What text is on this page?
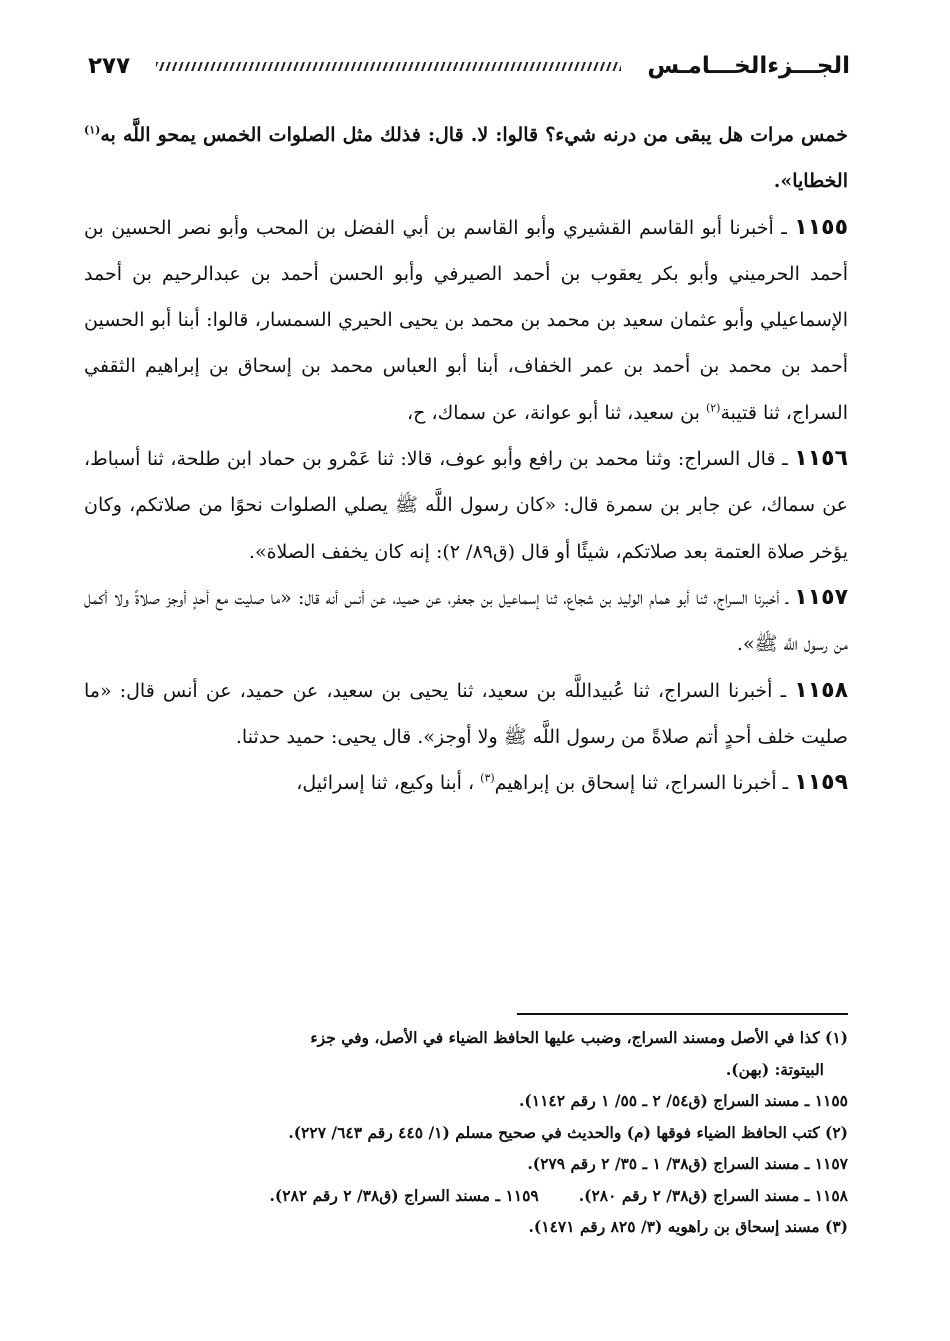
الجـــزءالخـــامـس
٢٧٧

خمس مرات هل يبقى من درنه شيء؟ قالوا: لا. قال: فذلك مثل الصلوات الخمس يمحو اللَّه به$^{(١)}$ الخطايا».

١١٥٥ ـ أخبرنا أبو القاسم القشيري وأبو القاسم بن أبي الفضل بن المحب وأبو نصر الحسين بن أحمد الحرميني وأبو بكر يعقوب بن أحمد الصيرفي وأبو الحسن أحمد بن عبدالرحيم بن أحمد الإسماعيلي وأبو عثمان سعيد بن محمد بن محمد بن يحيى الحيري السمسار، قالوا: أبنا أبو الحسين أحمد بن محمد بن أحمد بن عمر الخفاف، أبنا أبو العباس محمد بن إسحاق بن إبراهيم الثقفي السراج، ثنا قتيبة$^{(٢)}$ بن سعيد، ثنا أبو عوانة، عن سماك، ح،

١١٥٦ ـ قال السراج: وثنا محمد بن رافع وأبو عوف، قالا: ثنا عَمْرو بن حماد ابن طلحة، ثنا أسباط، عن سماك، عن جابر بن سمرة قال: «كان رسول اللَّه ﷺ يصلي الصلوات نحوًا من صلاتكم، وكان يؤخر صلاة العتمة بعد صلاتكم، شيئًا أو قال (ق٨٩/ ٢): إنه كان يخفف الصلاة».

١١٥٧ ـ أخبرنا السراج، ثنا أبو همام الوليد بن شجاع، ثنا إسماعيل بن جعفر، عن حميد، عن أنس أنه قال: «ما صليت مع أحدٍ أوجز صلاةً ولا أكمل من رسول اللَّه ﷺ».

١١٥٨ ـ أخبرنا السراج، ثنا عُبيداللَّه بن سعيد، ثنا يحيى بن سعيد، عن حميد، عن أنس قال: «ما صليت خلف أحدٍ أتم صلاةً من رسول اللَّه ﷺ ولا أوجز». قال يحيى: حميد حدثنا.

١١٥٩ ـ أخبرنا السراج، ثنا إسحاق بن إبراهيم$^{(٣)}$ ، أبنا وكيع، ثنا إسرائيل،

(١) كذا في الأصل ومسند السراج، وضبب عليها الحافظ الضياء في الأصل، وفي جزء

البيتوتة: (بهن).

١١٥٥ ـ مسند السراج (ق٥٤/ ٢ ـ ٥٥/ ١ رقم ١١٤٢).

(٢) كتب الحافظ الضياء فوقها (م) والحديث في صحيح مسلم (١/ ٤٤٥ رقم ٦٤٣/ ٢٢٧).

١١٥٧ ـ مسند السراج (ق٣٨/ ١ ـ ٣٥/ ٢ رقم ٢٧٩).

١١٥٨ ـ مسند السراج (ق٣٨/ ٢ رقم ٢٨٠).١١٥٩ ـ مسند السراج (ق٣٨/ ٢ رقم ٢٨٢).

(٣) مسند إسحاق بن راهويه (٣/ ٨٢٥ رقم ١٤٧١).
